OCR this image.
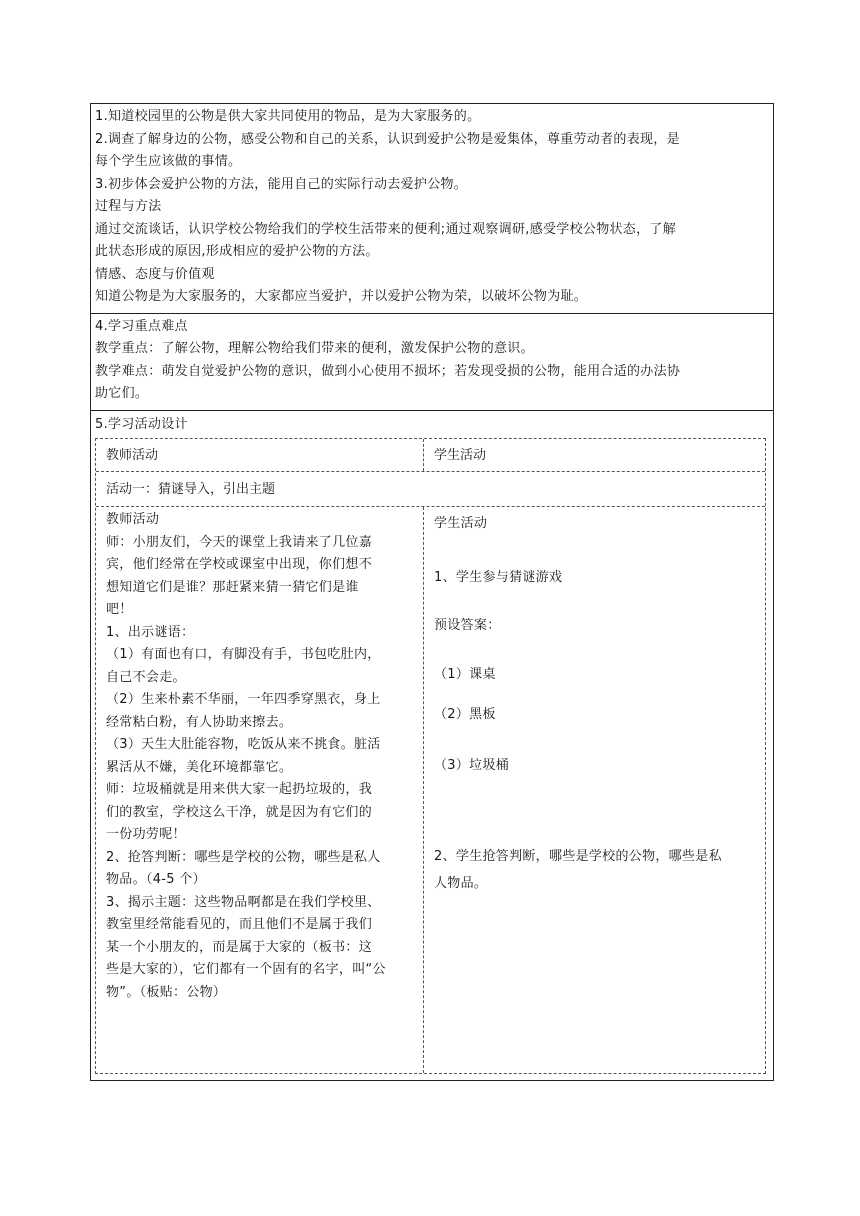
1.知道校园里的公物是供大家共同使用的物品，是为大家服务的。
2.调查了解身边的公物，感受公物和自己的关系，认识到爱护公物是爱集体，尊重劳动者的表现，是
每个学生应该做的事情。
3.初步体会爱护公物的方法，能用自己的实际行动去爱护公物。
过程与方法
通过交流谈话，认识学校公物给我们的学校生活带来的便利;通过观察调研,感受学校公物状态，了解
此状态形成的原因,形成相应的爱护公物的方法。
情感、态度与价值观
知道公物是为大家服务的，大家都应当爱护，并以爱护公物为荣，以破坏公物为耻。
4.学习重点难点
教学重点：了解公物，理解公物给我们带来的便利，激发保护公物的意识。
教学难点：萌发自觉爱护公物的意识，做到小心使用不损坏；若发现受损的公物，能用合适的办法协
助它们。
5.学习活动设计
教师活动	学生活动
活动一：猜谜导入，引出主题
教师活动
师：小朋友们，今天的课堂上我请来了几位嘉
宾，他们经常在学校或课室中出现，你们想不
想知道它们是谁？那赶紧来猜一猜它们是谁
吧！
1、出示谜语：
（1）有面也有口，有脚没有手，书包吃肚内，
自己不会走。
（2）生来朴素不华丽，一年四季穿黑衣，身上
经常粘白粉，有人协助来擦去。
（3）天生大肚能容物，吃饭从来不挑食。脏活
累活从不嫌，美化环境都靠它。
师：垃圾桶就是用来供大家一起扔垃圾的，我
们的教室，学校这么干净，就是因为有它们的
一份功劳呢！
2、抢答判断：哪些是学校的公物，哪些是私人
物品。（4-5 个）
3、揭示主题：这些物品啊都是在我们学校里、
教室里经常能看见的，而且他们不是属于我们
某一个小朋友的，而是属于大家的（板书：这
些是大家的），它们都有一个固有的名字，叫“公
物”。（板贴：公物）
学生活动
1、学生参与猜谜游戏
预设答案：
（1）课桌
（2）黑板
（3）垃圾桶
2、学生抢答判断，哪些是学校的公物，哪些是私
人物品。
